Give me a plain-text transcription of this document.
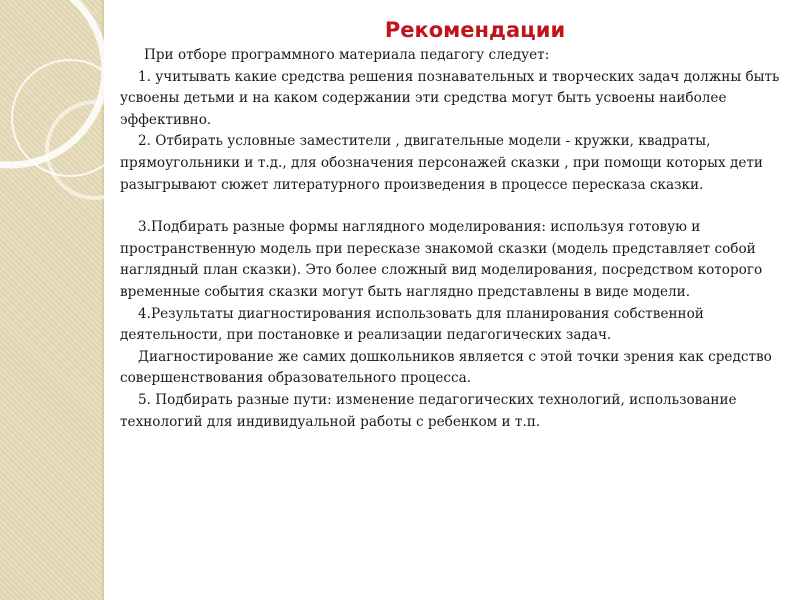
Рекомендации

При отборе программного материала педагогу следует:

1. учитывать какие средства решения познавательных и творческих задач должны быть усвоены детьми и на каком содержании эти средства могут быть усвоены наиболее эффективно.

2. Отбирать условные заместители , двигательные модели - кружки, квадраты, прямоугольники и т.д., для обозначения персонажей сказки , при помощи которых дети разыгрывают сюжет литературного произведения в процессе пересказа сказки.

3.Подбирать разные формы наглядного моделирования: используя готовую и пространственную модель при пересказе знакомой сказки (модель представляет собой наглядный план сказки). Это более сложный вид моделирования, посредством которого временные события сказки могут быть наглядно представлены в виде модели.

4.Результаты диагностирования использовать для планирования собственной деятельности, при постановке и реализации педагогических задач.

Диагностирование же самих дошкольников является с этой точки зрения как средство совершенствования образовательного процесса.

5. Подбирать разные пути: изменение педагогических технологий, использование технологий для индивидуальной работы с ребенком и т.п.
